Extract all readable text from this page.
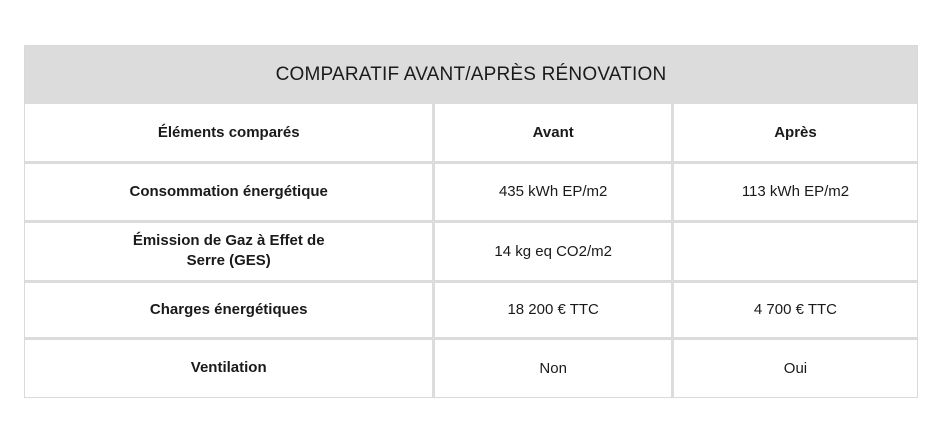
COMPARATIF AVANT/APRÈS RÉNOVATION
Éléments comparés	Avant	Après
Consommation énergétique	435 kWh EP/m2	113 kWh EP/m2
Émission de Gaz à Effet de Serre (GES)	14 kg eq CO2/m2	
Charges énergétiques	18 200 € TTC	4 700 € TTC
Ventilation	Non	Oui
